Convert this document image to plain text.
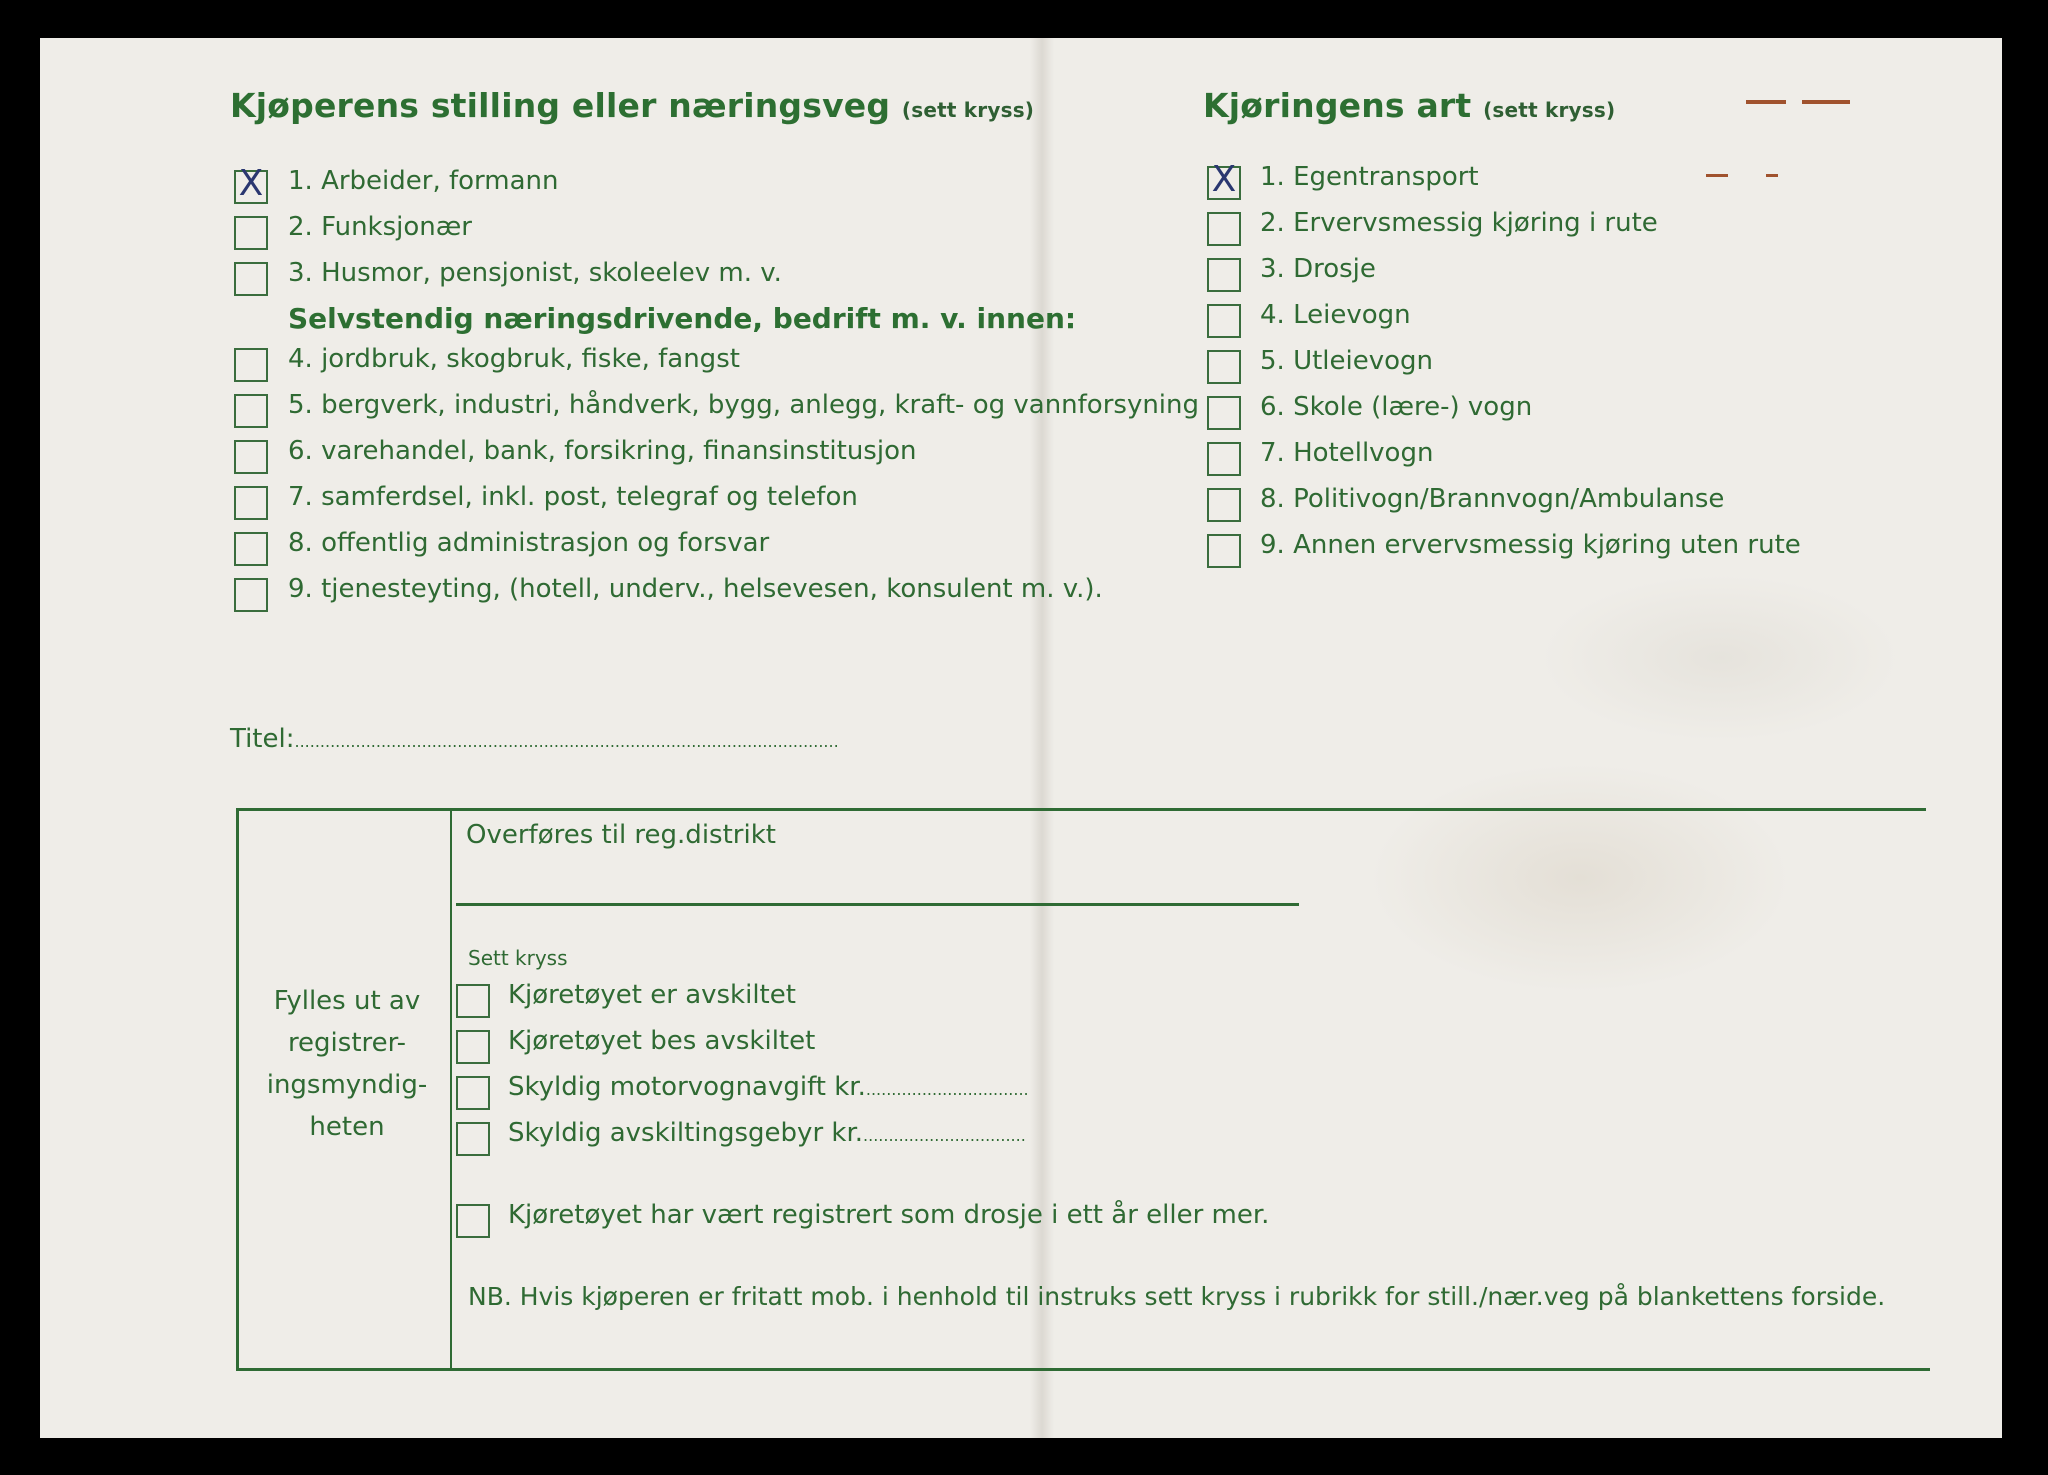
Kjøperens stilling eller næringsveg (sett kryss)
X 1. Arbeider, formann
2. Funksjonær
3. Husmor, pensjonist, skoleelev m. v.
Selvstendig næringsdrivende, bedrift m. v. innen:
4. jordbruk, skogbruk, fiske, fangst
5. bergverk, industri, håndverk, bygg, anlegg, kraft- og vannforsyning
6. varehandel, bank, forsikring, finansinstitusjon
7. samferdsel, inkl. post, telegraf og telefon
8. offentlig administrasjon og forsvar
9. tjenesteyting, (hotell, underv., helsevesen, konsulent m. v.).
Titel:...........................................................................................................
Kjøringens art (sett kryss)
X 1. Egentransport
2. Ervervsmessig kjøring i rute
3. Drosje
4. Leievogn
5. Utleievogn
6. Skole (lære-) vogn
7. Hotellvogn
8. Politivogn/Brannvogn/Ambulanse
9. Annen ervervsmessig kjøring uten rute
Fylles ut av registrer- ingsmyndig- heten
Overføres til reg.distrikt
Sett kryss
Kjøretøyet er avskiltet
Kjøretøyet bes avskiltet
Skyldig motorvognavgift kr.................................
Skyldig avskiltingsgebyr kr.................................
Kjøretøyet har vært registrert som drosje i ett år eller mer.
NB. Hvis kjøperen er fritatt mob. i henhold til instruks sett kryss i rubrikk for still./nær.veg på blankettens forside.
